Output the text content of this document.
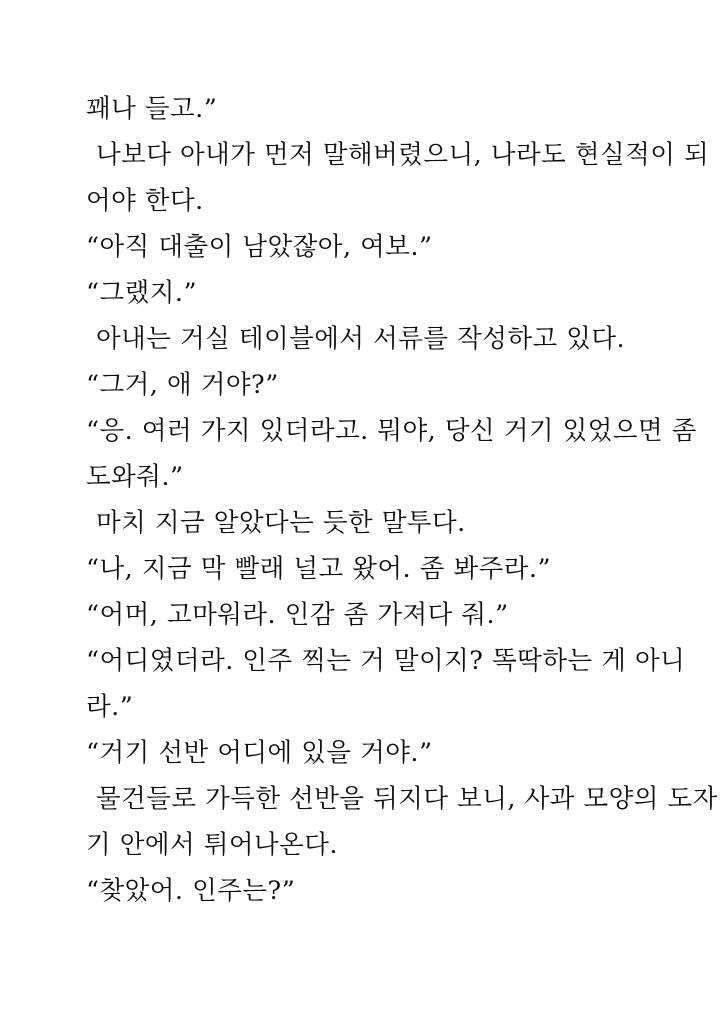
꽤나 들고.”
나보다 아내가 먼저 말해버렸으니, 나라도 현실적이 되
어야 한다.
“아직 대출이 남았잖아, 여보.”
“그랬지.”
아내는 거실 테이블에서 서류를 작성하고 있다.
“그거, 애 거야?”
“응. 여러 가지 있더라고. 뭐야, 당신 거기 있었으면 좀
도와줘.”
마치 지금 알았다는 듯한 말투다.
“나, 지금 막 빨래 널고 왔어. 좀 봐주라.”
“어머, 고마워라. 인감 좀 가져다 줘.”
“어디였더라. 인주 찍는 거 말이지? 똑딱하는 게 아니
라.”
“거기 선반 어디에 있을 거야.”
물건들로 가득한 선반을 뒤지다 보니, 사과 모양의 도자
기 안에서 튀어나온다.
“찾았어. 인주는?”
